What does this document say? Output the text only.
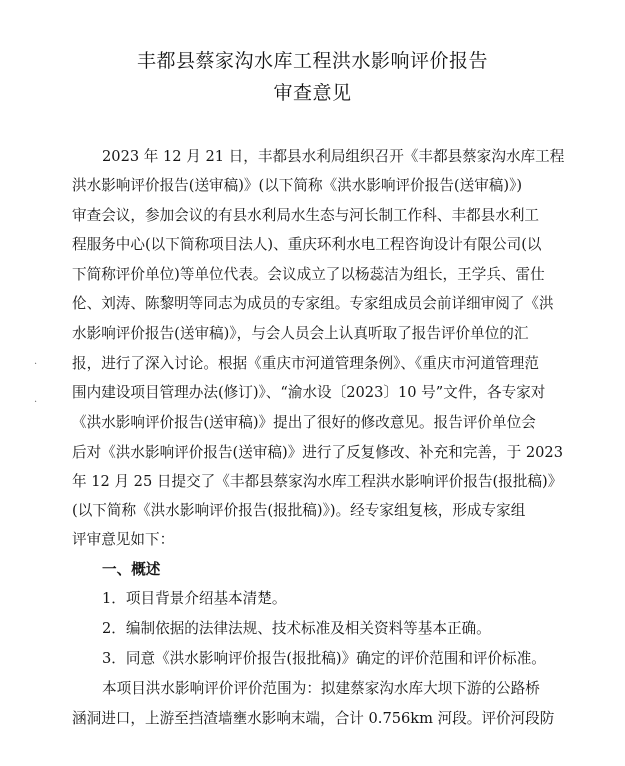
丰都县蔡家沟水库工程洪水影响评价报告
审查意见
2023 年 12 月 21 日，丰都县水利局组织召开《丰都县蔡家沟水库工程
洪水影响评价报告(送审稿)》(以下简称《洪水影响评价报告(送审稿)》)
审查会议，参加会议的有县水利局水生态与河长制工作科、丰都县水利工
程服务中心(以下简称项目法人)、重庆环利水电工程咨询设计有限公司(以
下简称评价单位)等单位代表。会议成立了以杨蕊洁为组长，王学兵、雷仕
伦、刘涛、陈黎明等同志为成员的专家组。专家组成员会前详细审阅了《洪
水影响评价报告(送审稿)》，与会人员会上认真听取了报告评价单位的汇
报，进行了深入讨论。根据《重庆市河道管理条例》、《重庆市河道管理范
围内建设项目管理办法(修订)》、“渝水设〔2023〕10 号”文件，各专家对
《洪水影响评价报告(送审稿)》提出了很好的修改意见。报告评价单位会
后对《洪水影响评价报告(送审稿)》进行了反复修改、补充和完善，于 2023
年 12 月 25 日提交了《丰都县蔡家沟水库工程洪水影响评价报告(报批稿)》
(以下简称《洪水影响评价报告(报批稿)》)。经专家组复核，形成专家组
评审意见如下：
一、概述
1．项目背景介绍基本清楚。
2．编制依据的法律法规、技术标准及相关资料等基本正确。
3．同意《洪水影响评价报告(报批稿)》确定的评价范围和评价标准。
本项目洪水影响评价评价范围为：拟建蔡家沟水库大坝下游的公路桥
涵洞进口，上游至挡渣墙壅水影响末端，合计 0.756km 河段。评价河段防
·
·
